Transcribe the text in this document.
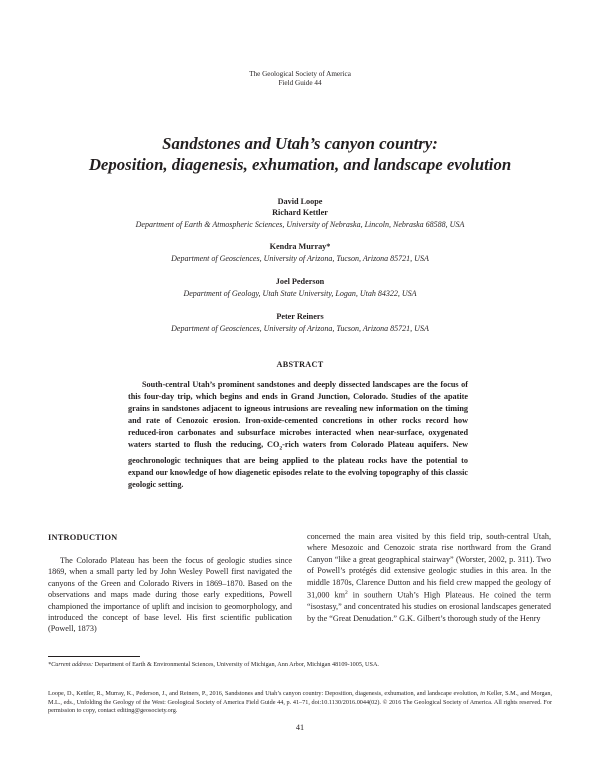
The Geological Society of America
Field Guide 44
Sandstones and Utah’s canyon country:
Deposition, diagenesis, exhumation, and landscape evolution
David Loope
Richard Kettler
Department of Earth & Atmospheric Sciences, University of Nebraska, Lincoln, Nebraska 68588, USA
Kendra Murray*
Department of Geosciences, University of Arizona, Tucson, Arizona 85721, USA
Joel Pederson
Department of Geology, Utah State University, Logan, Utah 84322, USA
Peter Reiners
Department of Geosciences, University of Arizona, Tucson, Arizona 85721, USA
ABSTRACT
South-central Utah’s prominent sandstones and deeply dissected landscapes are the focus of this four-day trip, which begins and ends in Grand Junction, Colorado. Studies of the apatite grains in sandstones adjacent to igneous intrusions are revealing new information on the timing and rate of Cenozoic erosion. Iron-oxide-cemented concretions in other rocks record how reduced-iron carbonates and subsurface microbes interacted when near-surface, oxygenated waters started to flush the reducing, $CO_2$-rich waters from Colorado Plateau aquifers. New geochronologic techniques that are being applied to the plateau rocks have the potential to expand our knowledge of how diagenetic episodes relate to the evolving topography of this classic geologic setting.
INTRODUCTION
The Colorado Plateau has been the focus of geologic studies since 1869, when a small party led by John Wesley Powell first navigated the canyons of the Green and Colorado Rivers in 1869–1870. Based on the observations and maps made during those early expeditions, Powell championed the importance of uplift and incision to geomorphology, and introduced the concept of base level. His first scientific publication (Powell, 1873)
concerned the main area visited by this field trip, south-central Utah, where Mesozoic and Cenozoic strata rise northward from the Grand Canyon “like a great geographical stairway” (Worster, 2002, p. 311). Two of Powell’s protégés did extensive geologic studies in this area. In the middle 1870s, Clarence Dutton and his field crew mapped the geology of 31,000 $km^2$ in southern Utah’s High Plateaus. He coined the term “isostasy,” and concentrated his studies on erosional landscapes generated by the “Great Denudation.” G.K. Gilbert’s thorough study of the Henry
*Current address: Department of Earth & Environmental Sciences, University of Michigan, Ann Arbor, Michigan 48109-1005, USA.
Loope, D., Kettler, R., Murray, K., Pederson, J., and Reiners, P., 2016, Sandstones and Utah’s canyon country: Deposition, diagenesis, exhumation, and landscape evolution, in Keller, S.M., and Morgan, M.L., eds., Unfolding the Geology of the West: Geological Society of America Field Guide 44, p. 41–71, doi:10.1130/2016.0044(02). © 2016 The Geological Society of America. All rights reserved. For permission to copy, contact editing@geosociety.org.
41
